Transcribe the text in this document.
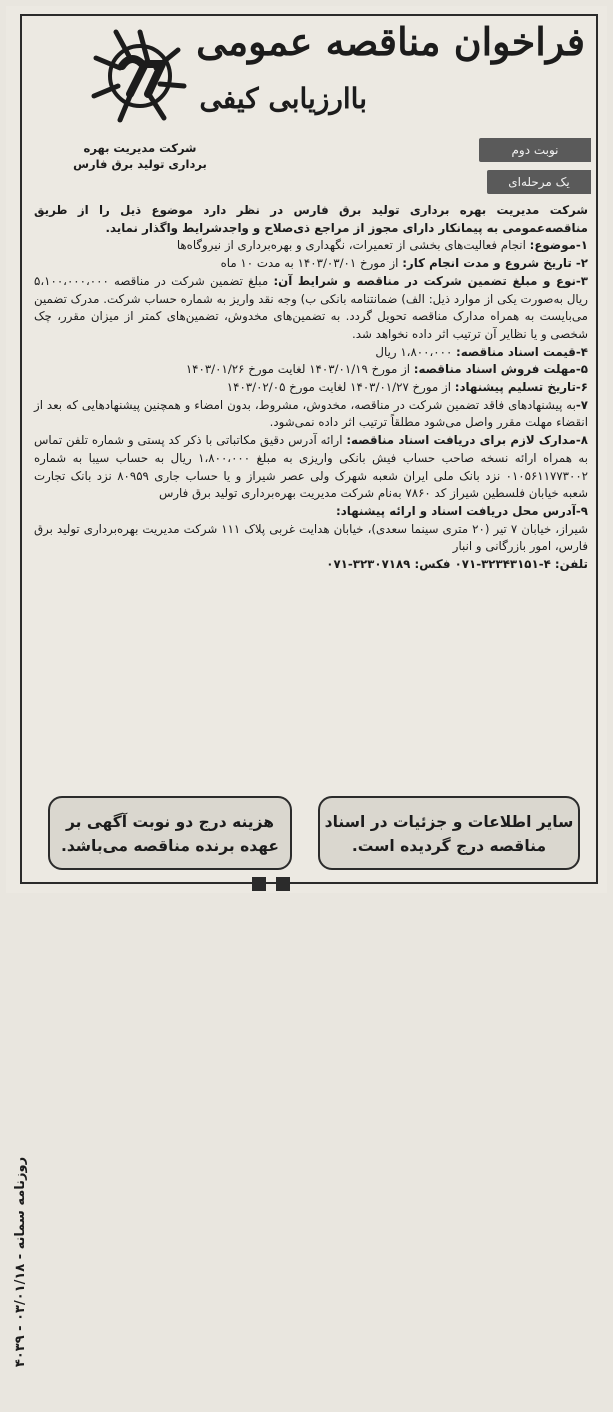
شرکت مدیریت بهره برداری تولید برق فارس
فراخوان مناقصه عمومی
باارزیابی کیفی
نوبت دوم
یک مرحله‌ای

شرکت مدیریت بهره برداری تولید برق فارس در نظر دارد موضوع ذیل را از طریق مناقصه‌عمومی به پیمانکار دارای مجوز از مراجع ذی‌صلاح و واجدشرایط واگذار نماید.

۱-موضوع: انجام فعالیت‌های بخشی از تعمیرات، نگهداری و بهره‌برداری از نیروگاه‌ها

۲- تاریخ شروع و مدت انجام کار: از مورخ ۱۴۰۳/۰۳/۰۱ به مدت ۱۰ ماه

۳-نوع و مبلغ تضمین شرکت در مناقصه و شرایط آن: مبلغ تضمین شرکت در مناقصه ۵،۱۰۰،۰۰۰،۰۰۰ ریال به‌صورت یکی از موارد ذیل: الف) ضمانتنامه بانکی ب) وجه نقد واریز به شماره حساب شرکت. مدرک تضمین می‌بایست به همراه مدارک مناقصه تحویل گردد. به تضمین‌های مخدوش، تضمین‌های کمتر از میزان مقرر، چک شخصی و یا نظایر آن ترتیب اثر داده نخواهد شد.

۴-قیمت اسناد مناقصه: ۱،۸۰۰،۰۰۰ ریال

۵-مهلت فروش اسناد مناقصه: از مورخ ۱۴۰۳/۰۱/۱۹ لغایت مورخ ۱۴۰۳/۰۱/۲۶

۶-تاریخ تسلیم پیشنهاد: از مورخ ۱۴۰۳/۰۱/۲۷ لغایت مورخ ۱۴۰۳/۰۲/۰۵

۷-به پیشنهادهای فاقد تضمین شرکت در مناقصه، مخدوش، مشروط، بدون امضاء و همچنین پیشنهادهایی که بعد از انقضاء مهلت مقرر واصل می‌شود مطلقاً ترتیب اثر داده نمی‌شود.

۸-مدارک لازم برای دریافت اسناد مناقصه: ارائه آدرس دقیق مکاتباتی با ذکر کد پستی و شماره تلفن تماس به همراه ارائه نسخه صاحب حساب فیش بانکی واریزی به مبلغ ۱،۸۰۰،۰۰۰ ریال به حساب سیبا به شماره ۰۱۰۵۶۱۱۷۷۳۰۰۲ نزد بانک ملی ایران شعبه شهرک ولی عصر شیراز و یا حساب جاری ۸۰۹۵۹ نزد بانک تجارت شعبه خیابان فلسطین شیراز کد ۷۸۶۰ به‌نام شرکت مدیریت بهره‌برداری تولید برق فارس

۹-آدرس محل دریافت اسناد و ارائه پیشنهاد:

شیراز، خیابان ۷ تیر (۲۰ متری سینما سعدی)، خیابان هدایت غربی پلاک ۱۱۱ شرکت مدیریت بهره‌برداری تولید برق فارس، امور بازرگانی و انبار

تلفن: ۴-۳۲۳۴۳۱۵۱-۰۷۱ فکس: ۳۲۳۰۷۱۸۹-۰۷۱

روزنامه سمانه - ۰۳/۰۱/۱۸ - ۴۰۳۹
سایر اطلاعات و جزئیات در اسناد مناقصه درج گردیده است.
هزینه درج دو نوبت آگهی بر عهده برنده مناقصه می‌باشد.
